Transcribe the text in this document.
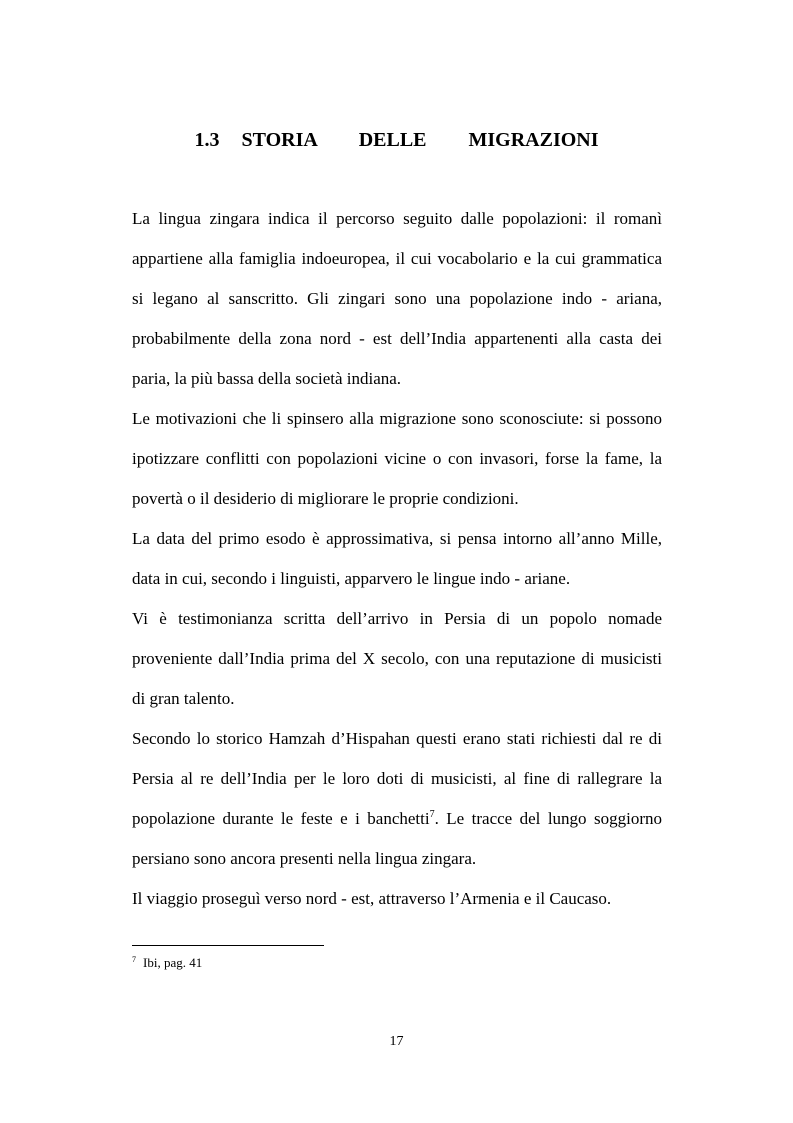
1.3 STORIA   DELLE   MIGRAZIONI
La lingua zingara indica il percorso seguito dalle popolazioni: il romanì
appartiene alla famiglia indoeuropea, il cui vocabolario e la cui grammatica
si legano al sanscritto. Gli zingari sono una popolazione indo - ariana,
probabilmente della zona nord - est dell’India appartenenti alla casta dei
paria, la più bassa della società indiana.
Le motivazioni che li spinsero alla migrazione sono sconosciute: si possono
ipotizzare conflitti con popolazioni vicine o con invasori, forse la fame, la
povertà o il desiderio di migliorare le proprie condizioni.
La data del primo esodo è approssimativa, si pensa intorno all’anno Mille,
data in cui, secondo i linguisti, apparvero le lingue indo - ariane.
Vi è testimonianza scritta dell’arrivo in Persia di un popolo nomade
proveniente dall’India prima del X secolo, con una reputazione di musicisti
di gran talento.
Secondo lo storico Hamzah d’Hispahan questi erano stati richiesti dal re di
Persia al re dell’India per le loro doti di musicisti, al fine di rallegrare la
popolazione durante le feste e i banchetti$^7$. Le tracce del lungo soggiorno
persiano sono ancora presenti nella lingua zingara.
Il viaggio proseguì verso nord - est, attraverso l’Armenia e il Caucaso.
$^7$ Ibi, pag. 41
17
